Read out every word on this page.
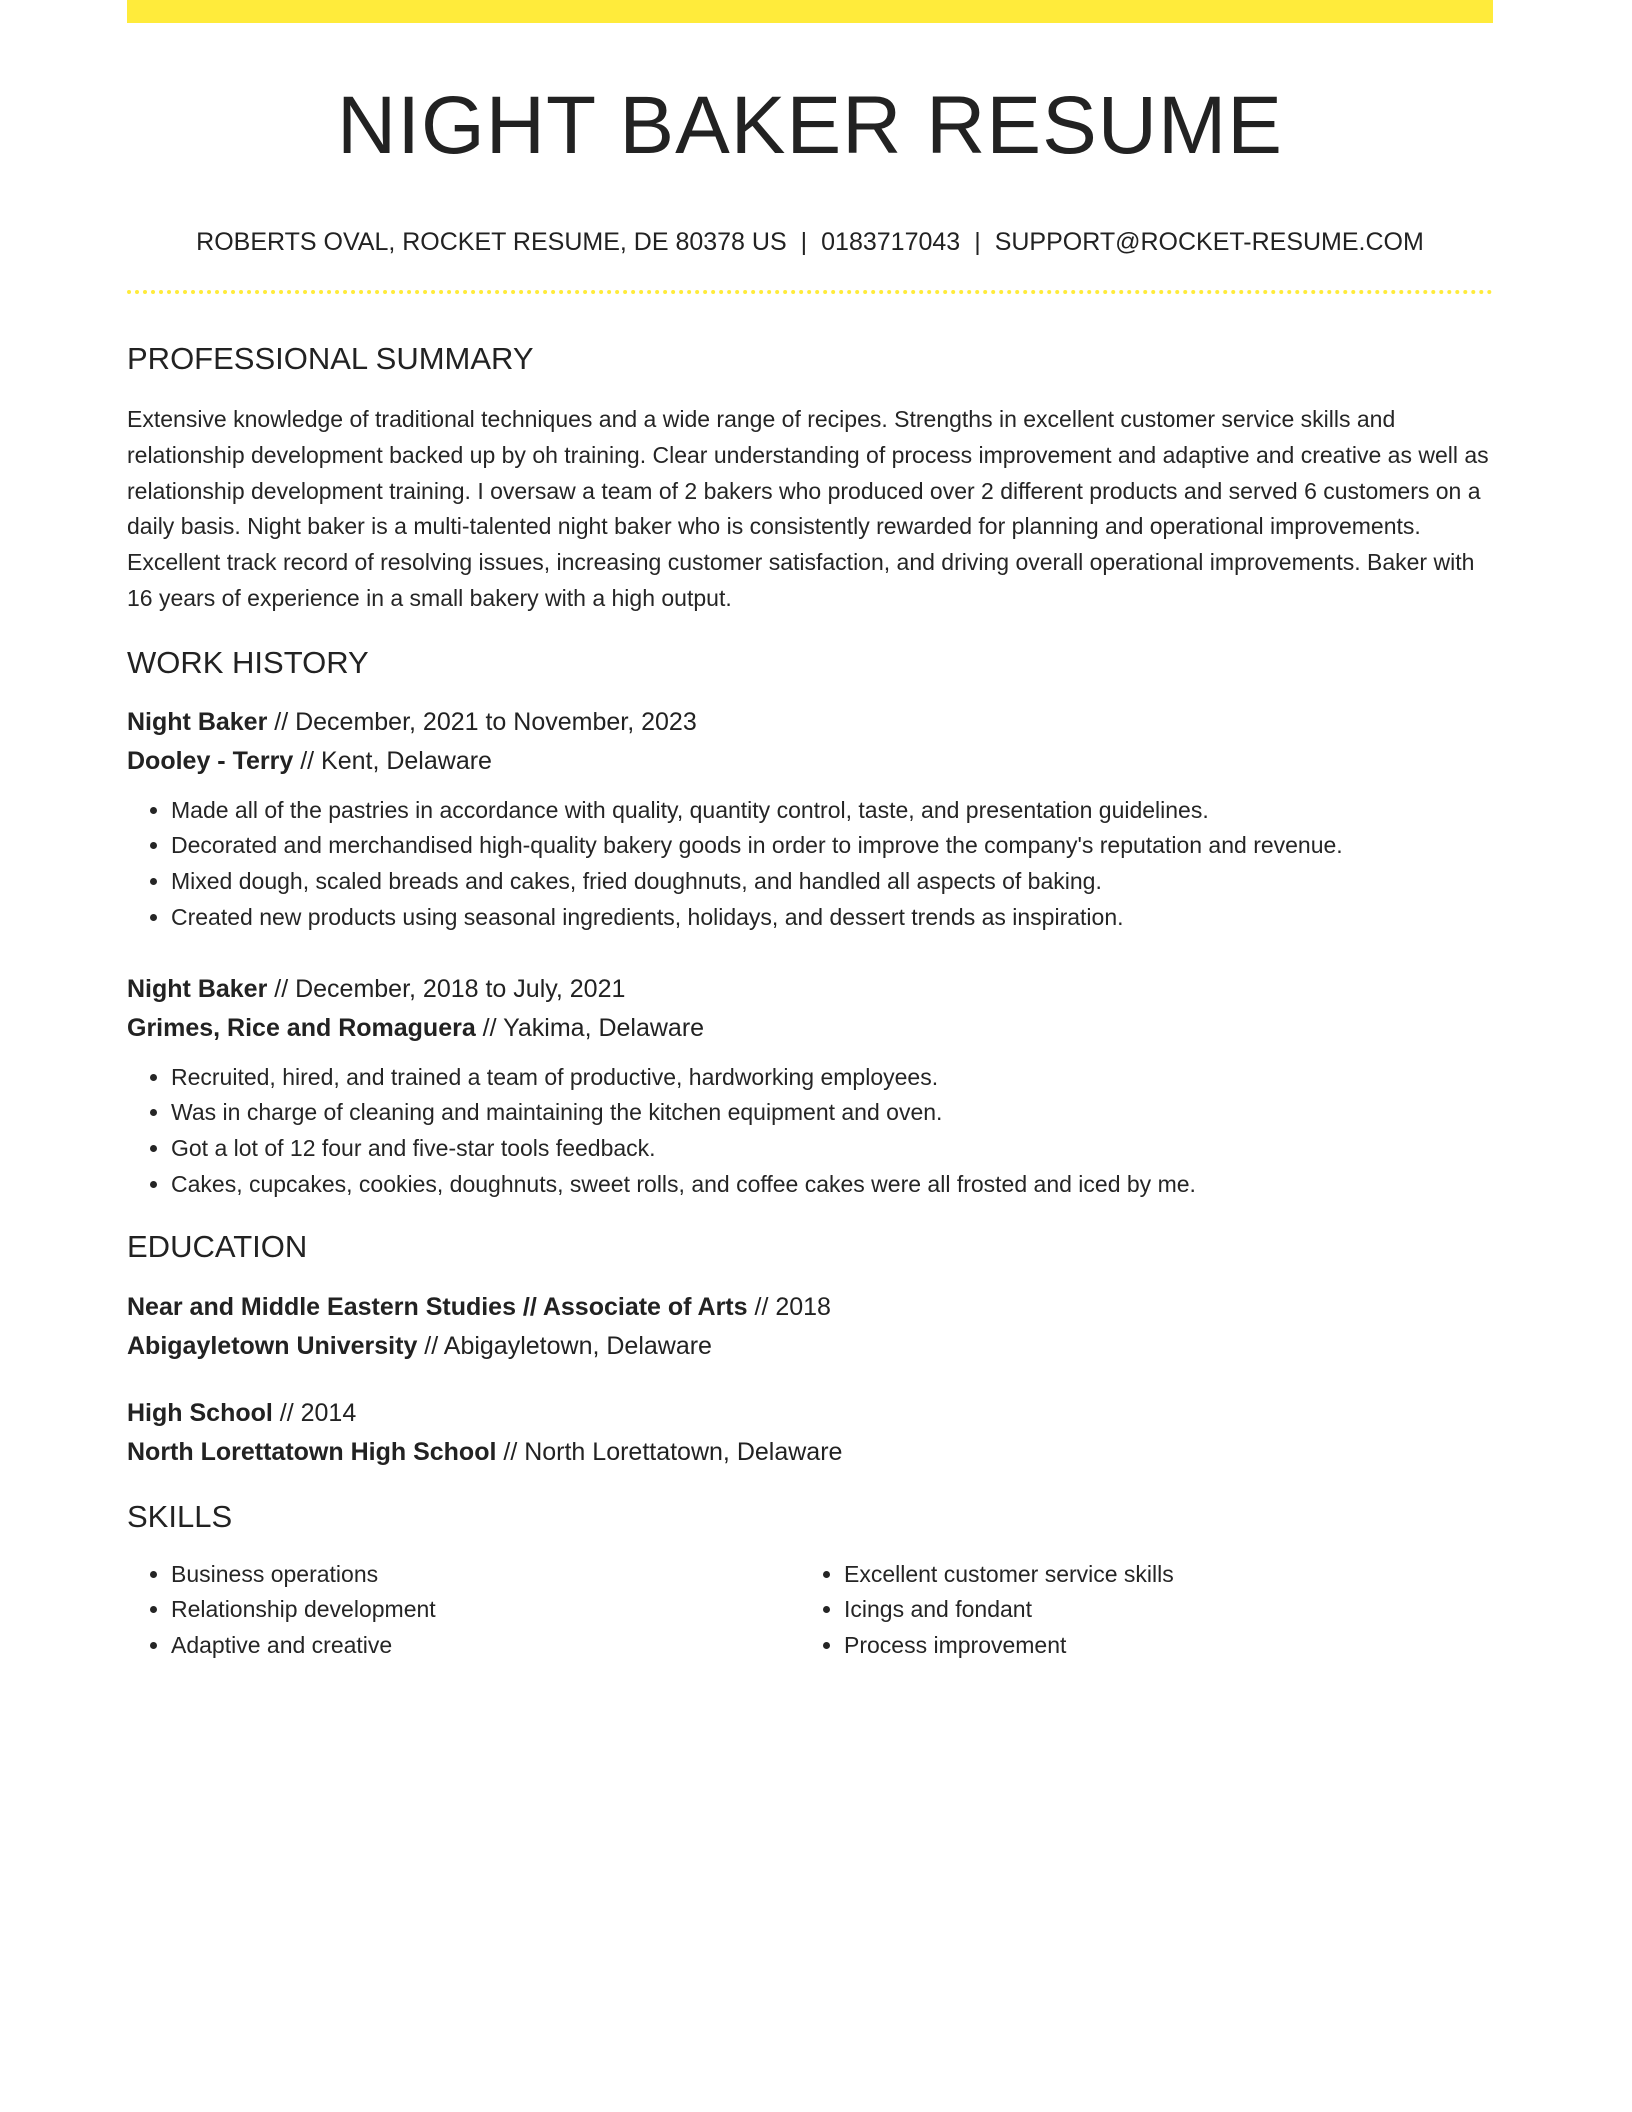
NIGHT BAKER RESUME
ROBERTS OVAL, ROCKET RESUME, DE 80378 US | 0183717043 | SUPPORT@ROCKET-RESUME.COM
PROFESSIONAL SUMMARY
Extensive knowledge of traditional techniques and a wide range of recipes. Strengths in excellent customer service skills and relationship development backed up by oh training. Clear understanding of process improvement and adaptive and creative as well as relationship development training. I oversaw a team of 2 bakers who produced over 2 different products and served 6 customers on a daily basis. Night baker is a multi-talented night baker who is consistently rewarded for planning and operational improvements. Excellent track record of resolving issues, increasing customer satisfaction, and driving overall operational improvements. Baker with 16 years of experience in a small bakery with a high output.
WORK HISTORY
Night Baker // December, 2021 to November, 2023
Dooley - Terry // Kent, Delaware
• Made all of the pastries in accordance with quality, quantity control, taste, and presentation guidelines.
• Decorated and merchandised high-quality bakery goods in order to improve the company's reputation and revenue.
• Mixed dough, scaled breads and cakes, fried doughnuts, and handled all aspects of baking.
• Created new products using seasonal ingredients, holidays, and dessert trends as inspiration.
Night Baker // December, 2018 to July, 2021
Grimes, Rice and Romaguera // Yakima, Delaware
• Recruited, hired, and trained a team of productive, hardworking employees.
• Was in charge of cleaning and maintaining the kitchen equipment and oven.
• Got a lot of 12 four and five-star tools feedback.
• Cakes, cupcakes, cookies, doughnuts, sweet rolls, and coffee cakes were all frosted and iced by me.
EDUCATION
Near and Middle Eastern Studies // Associate of Arts // 2018
Abigayletown University // Abigayletown, Delaware
High School // 2014
North Lorettatown High School // North Lorettatown, Delaware
SKILLS
• Business operations
• Relationship development
• Adaptive and creative
• Excellent customer service skills
• Icings and fondant
• Process improvement
